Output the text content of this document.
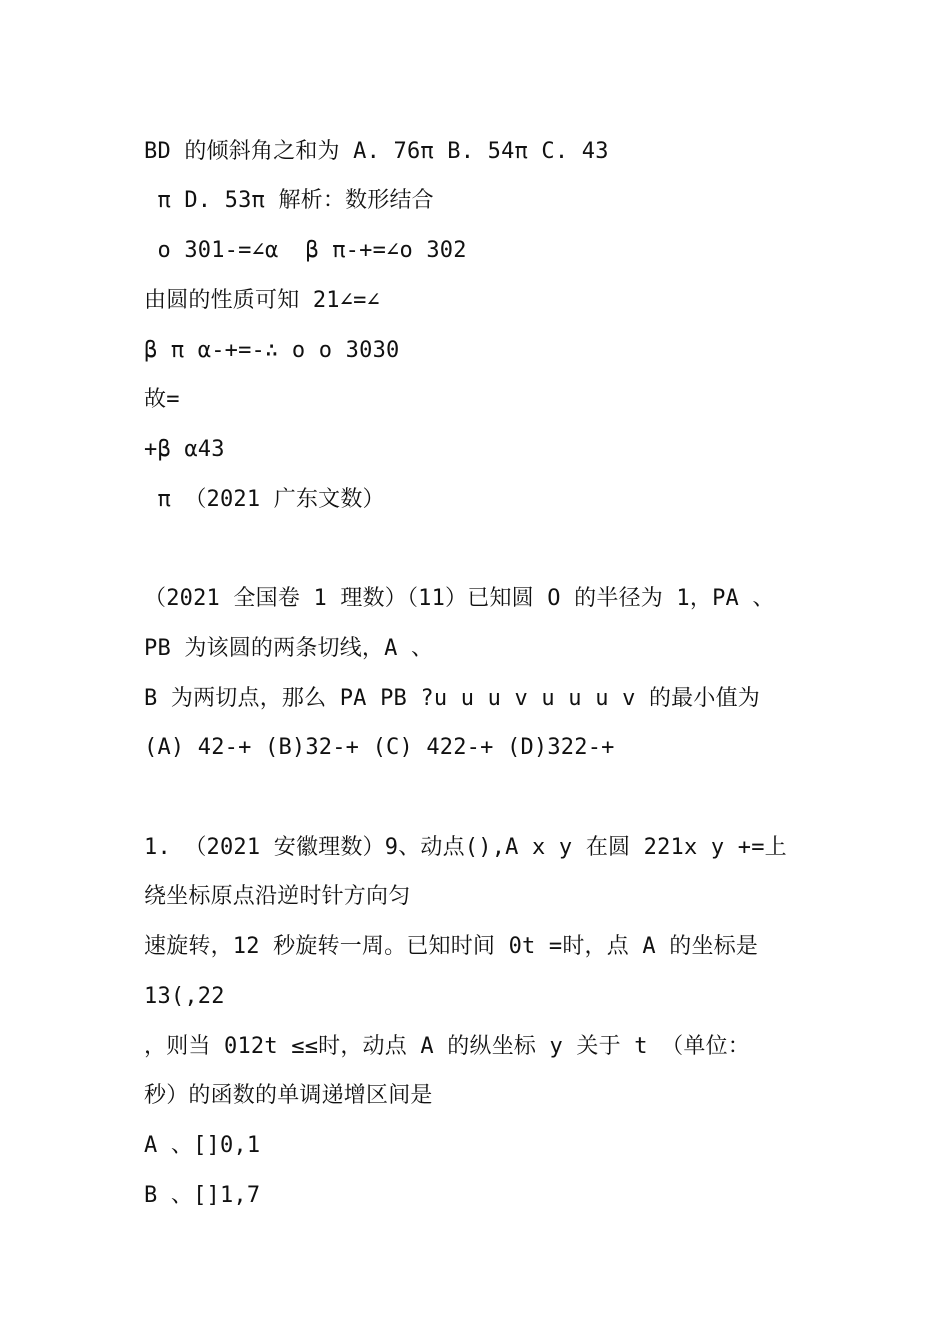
BD 的倾斜角之和为 A. 76π B. 54π C. 43
π D. 53π 解析：数形结合
o 301-=∠α  β π-+=∠o 302
由圆的性质可知 21∠=∠
β π α-+=-∴ o o 3030
故=
+β α43
π （2021 广东文数）
（2021 全国卷 1 理数）（11）已知圆 O 的半径为 1，PA 、
PB 为该圆的两条切线，A 、
B 为两切点，那么 PA PB ?u u u v u u u v 的最小值为
(A) 42-+ (B)32-+ (C) 422-+ (D)322-+
1. （2021 安徽理数）9、动点(),A x y 在圆 221x y +=上
绕坐标原点沿逆时针方向匀
速旋转，12 秒旋转一周。已知时间 0t =时，点 A 的坐标是
13(,22
，则当 012t ≤≤时，动点 A 的纵坐标 y 关于 t （单位：
秒）的函数的单调递增区间是
A 、[]0,1
B 、[]1,7
